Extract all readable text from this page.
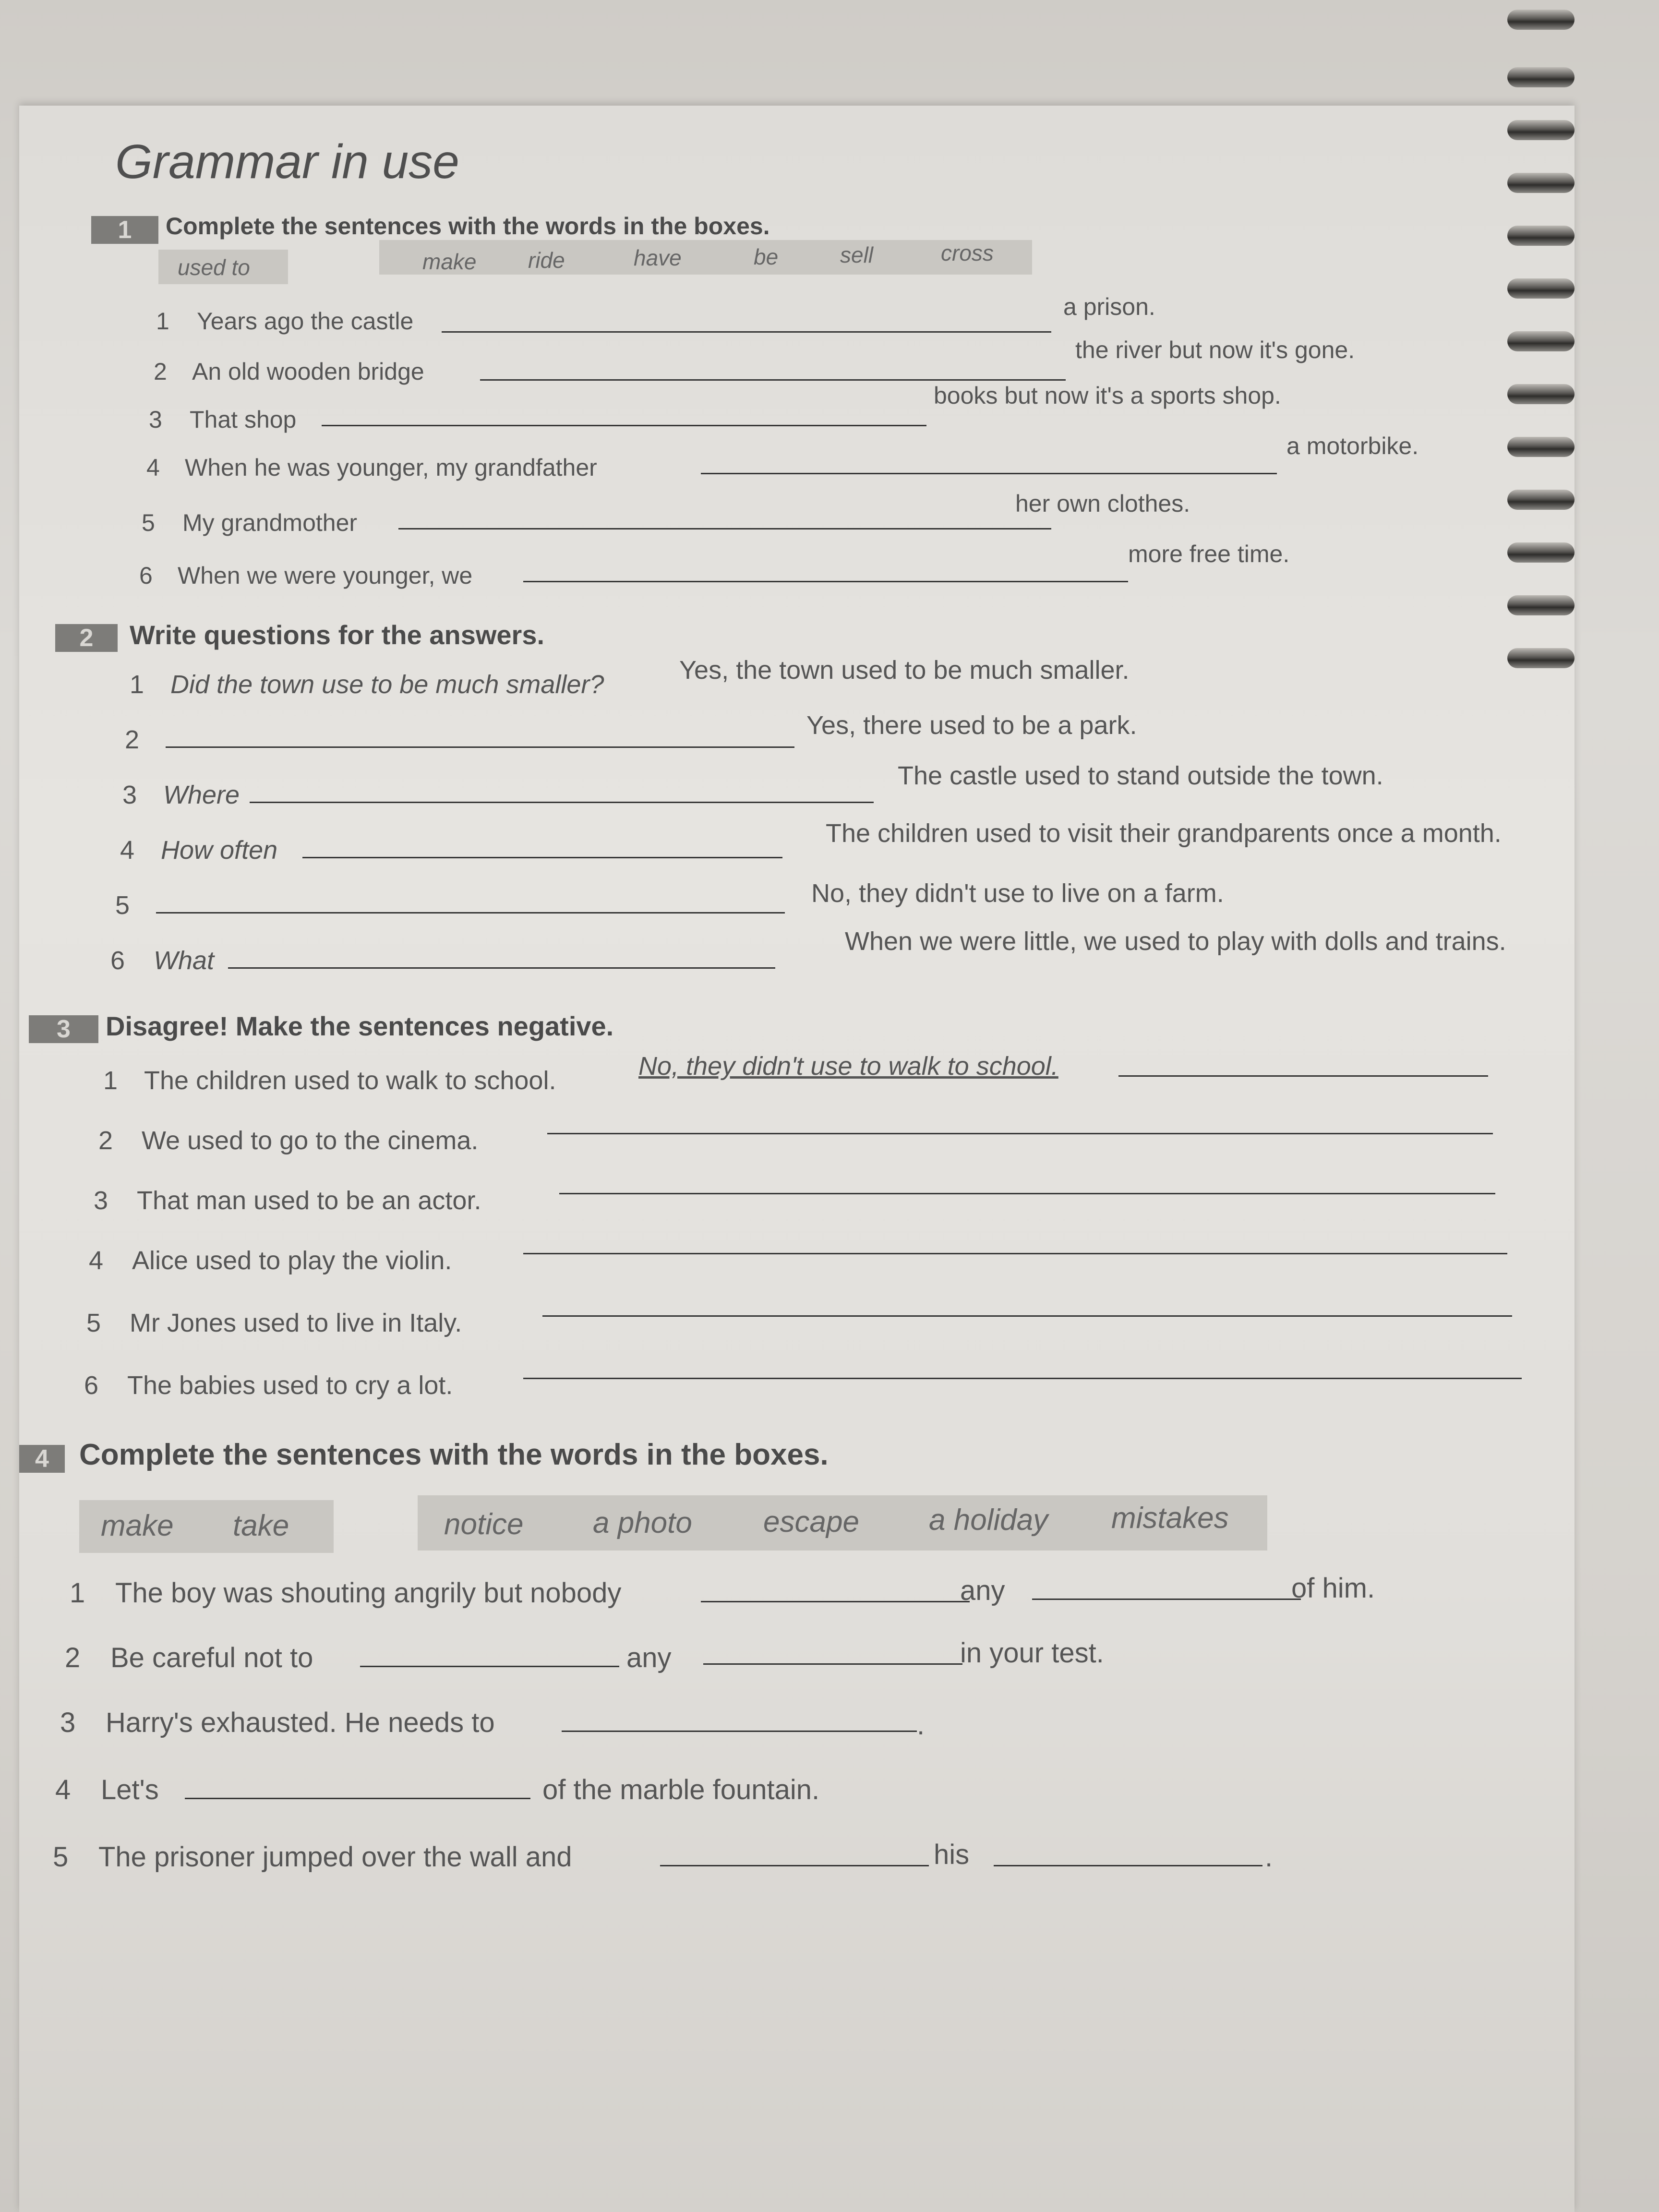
Grammar in use
1	Complete the sentences with the words in the boxes.
used to	make ride	have	be	sell	cross
1 Years ago the castle
a prison.
2 An old wooden bridge
the river but now it's gone.
3 That shop
books but now it's a sports shop.
4 When he was younger, my grandfather
a motorbike.
5 My grandmother
her own clothes.
6 When we were younger, we
more free time.
2	Write questions for the answers.
1 Did the town use to be much smaller?	Yes, the town used to be much smaller.
2	Yes, there used to be a park.
3 Where
The castle used to stand outside the town.
4 How often
The children used to visit their grandparents once a month.
5	No, they didn't use to live on a farm.
6 What
When we were little, we used to play with dolls and trains.
3	Disagree! Make the sentences negative.
1 The children used to walk to school.	No, they didn't use to walk to school.
2 We used to go to the cinema.
3 That man used to be an actor.
4 Alice used to play the violin.
5 Mr Jones used to live in Italy.
6 The babies used to cry a lot.
4	Complete the sentences with the words in the boxes.
make take	notice a photo escape a holiday mistakes
1 The boy was shouting angrily but nobody	any	of him.
2 Be careful not to	any	in your test.
3 Harry's exhausted. He needs to	.
4 Let's	of the marble fountain.
5 The prisoner jumped over the wall and	his	.
